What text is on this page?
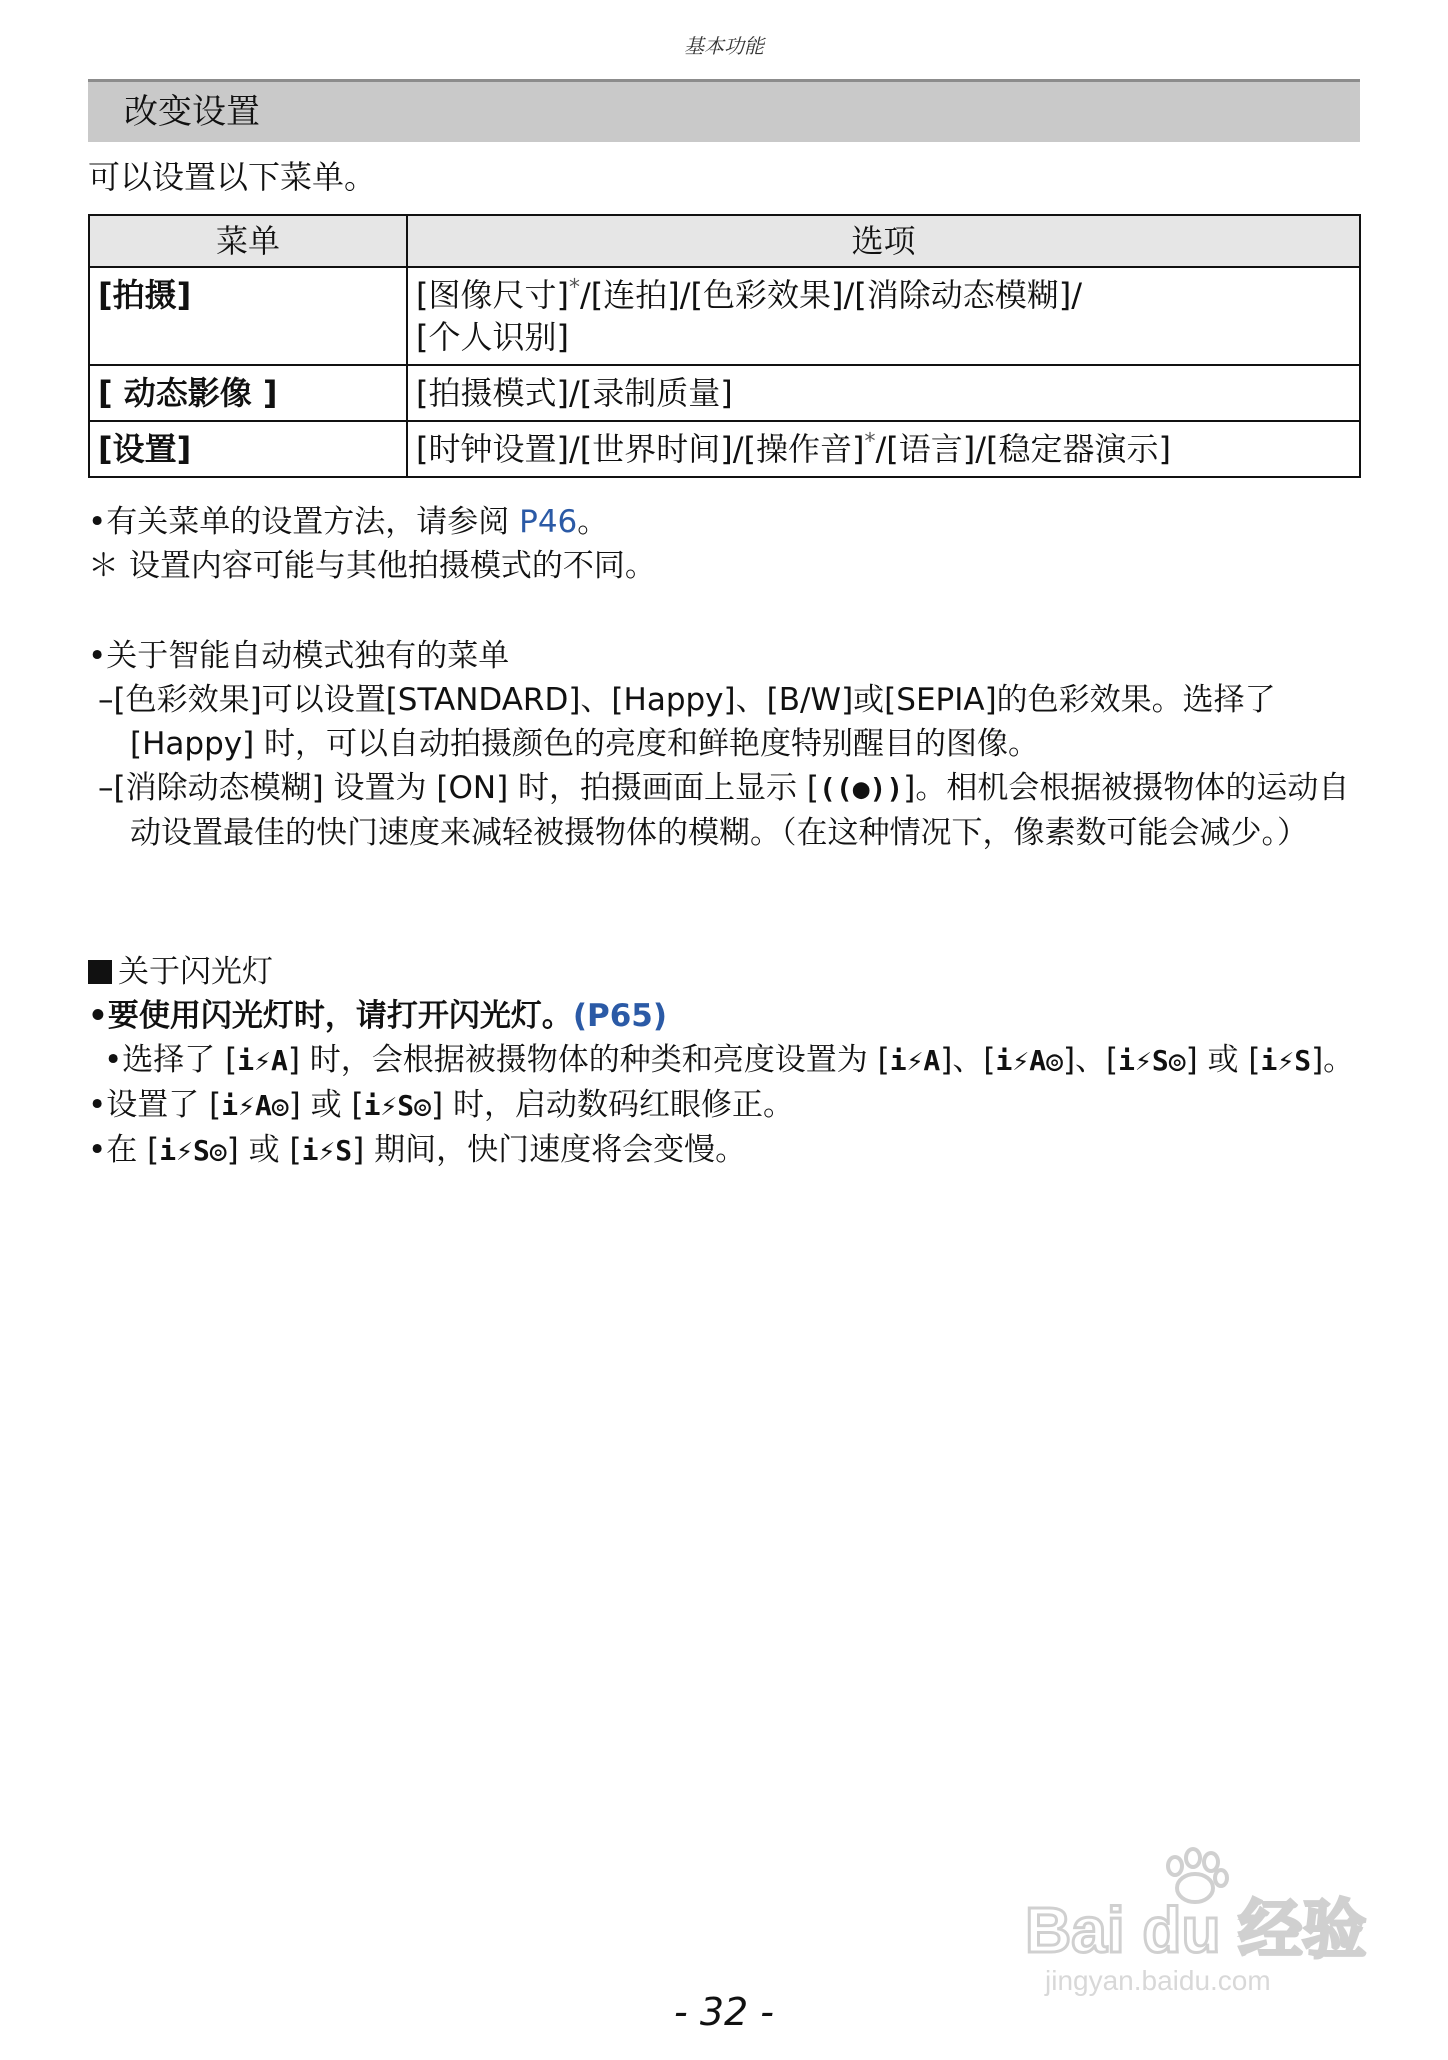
基本功能
改变设置
可以设置以下菜单。
菜单	选项
[拍摄]	[图像尺寸]*/[连拍]/[色彩效果]/[消除动态模糊]/
[个人识别]
[ 动态影像 ]	[拍摄模式]/[录制质量]
[设置]	[时钟设置]/[世界时间]/[操作音]*/[语言]/[稳定器演示]
•有关菜单的设置方法，请参阅 P46。
＊ 设置内容可能与其他拍摄模式的不同。
•关于智能自动模式独有的菜单
–[色彩效果]可以设置[STANDARD]、[Happy]、[B/W]或[SEPIA]的色彩效果。选择了 [Happy] 时，可以自动拍摄颜色的亮度和鲜艳度特别醒目的图像。
–[消除动态模糊] 设置为 [ON] 时，拍摄画面上显示 [((●))]。相机会根据被摄物体的运动自动设置最佳的快门速度来减轻被摄物体的模糊。（在这种情况下，像素数可能会减少。）
关于闪光灯
•要使用闪光灯时，请打开闪光灯。(P65)
•选择了 [i⚡A] 时，会根据被摄物体的种类和亮度设置为 [i⚡A]、[i⚡A◎]、[i⚡S◎] 或 [i⚡S]。
•设置了 [i⚡A◎] 或 [i⚡S◎] 时，启动数码红眼修正。
•在 [i⚡S◎] 或 [i⚡S] 期间，快门速度将会变慢。
Bai du 经验
jingyan.baidu.com
- 32 -
